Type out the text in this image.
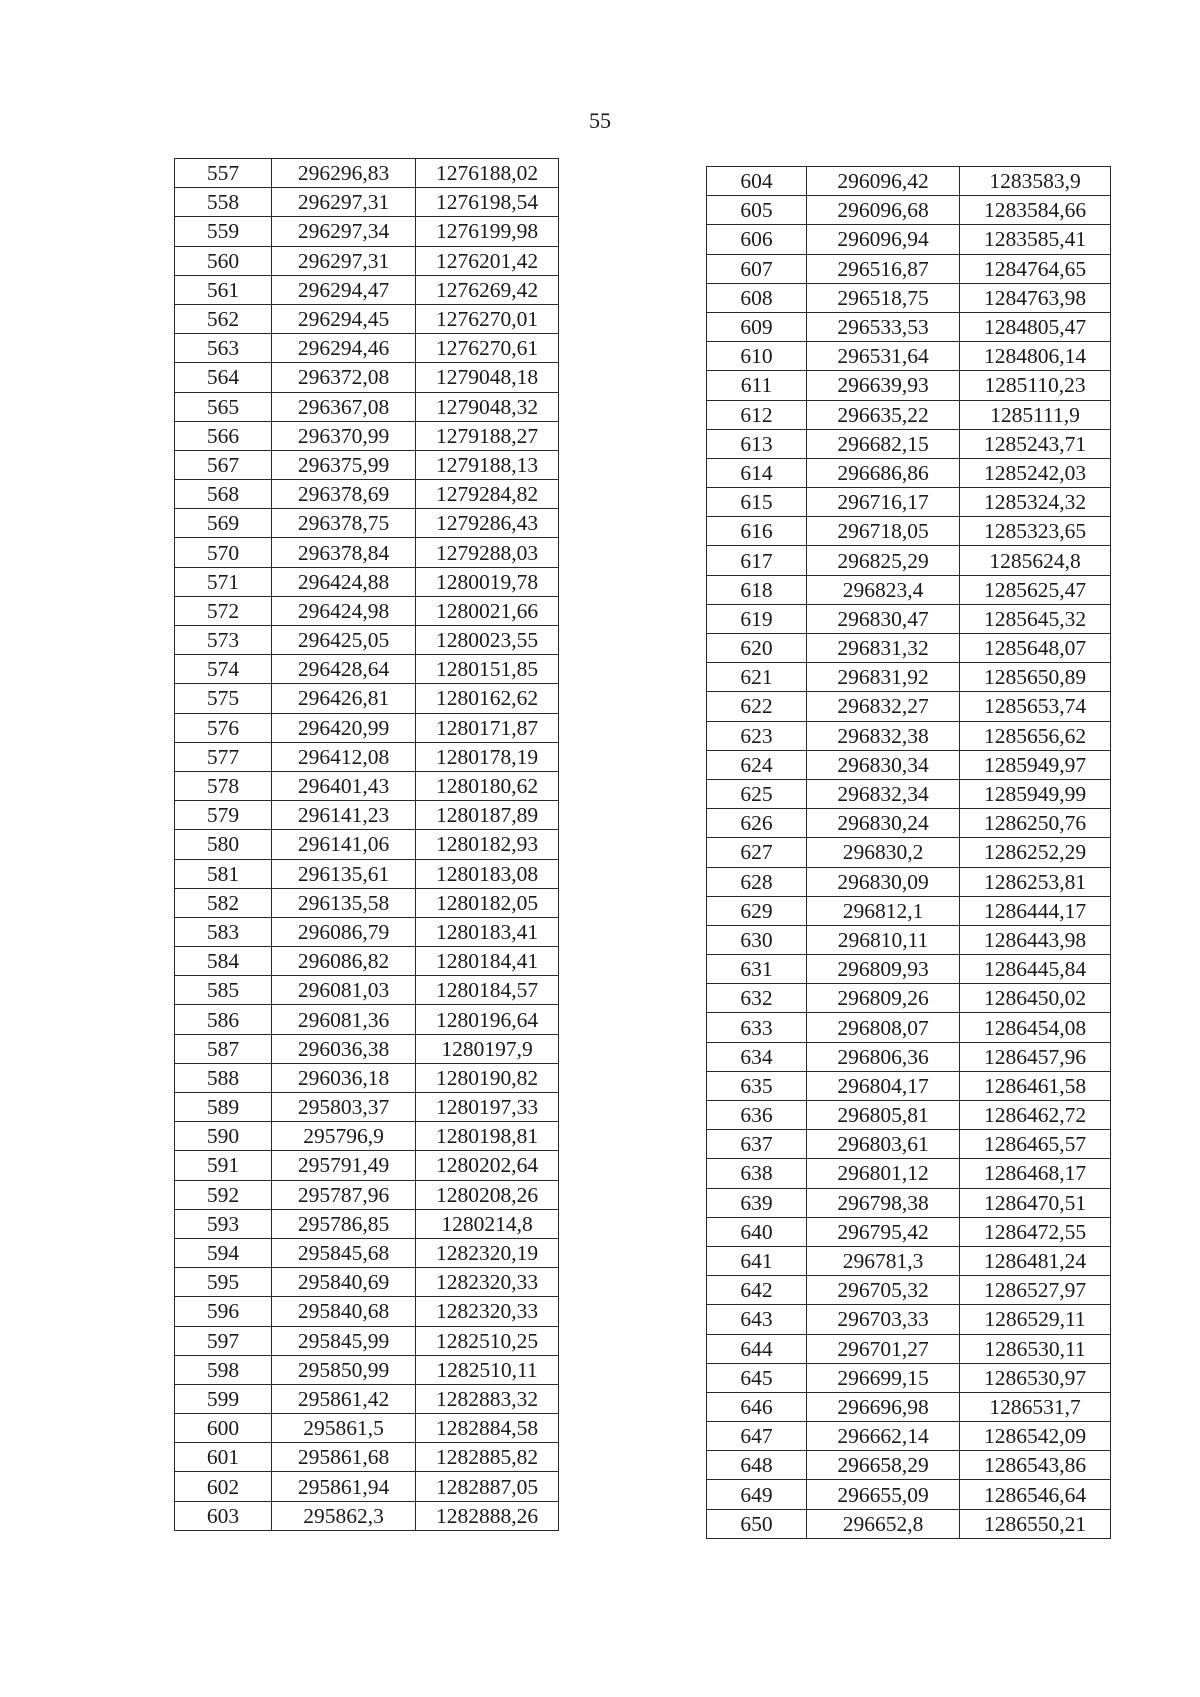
55
557	296296,83	1276188,02
558	296297,31	1276198,54
559	296297,34	1276199,98
560	296297,31	1276201,42
561	296294,47	1276269,42
562	296294,45	1276270,01
563	296294,46	1276270,61
564	296372,08	1279048,18
565	296367,08	1279048,32
566	296370,99	1279188,27
567	296375,99	1279188,13
568	296378,69	1279284,82
569	296378,75	1279286,43
570	296378,84	1279288,03
571	296424,88	1280019,78
572	296424,98	1280021,66
573	296425,05	1280023,55
574	296428,64	1280151,85
575	296426,81	1280162,62
576	296420,99	1280171,87
577	296412,08	1280178,19
578	296401,43	1280180,62
579	296141,23	1280187,89
580	296141,06	1280182,93
581	296135,61	1280183,08
582	296135,58	1280182,05
583	296086,79	1280183,41
584	296086,82	1280184,41
585	296081,03	1280184,57
586	296081,36	1280196,64
587	296036,38	1280197,9
588	296036,18	1280190,82
589	295803,37	1280197,33
590	295796,9	1280198,81
591	295791,49	1280202,64
592	295787,96	1280208,26
593	295786,85	1280214,8
594	295845,68	1282320,19
595	295840,69	1282320,33
596	295840,68	1282320,33
597	295845,99	1282510,25
598	295850,99	1282510,11
599	295861,42	1282883,32
600	295861,5	1282884,58
601	295861,68	1282885,82
602	295861,94	1282887,05
603	295862,3	1282888,26
604	296096,42	1283583,9
605	296096,68	1283584,66
606	296096,94	1283585,41
607	296516,87	1284764,65
608	296518,75	1284763,98
609	296533,53	1284805,47
610	296531,64	1284806,14
611	296639,93	1285110,23
612	296635,22	1285111,9
613	296682,15	1285243,71
614	296686,86	1285242,03
615	296716,17	1285324,32
616	296718,05	1285323,65
617	296825,29	1285624,8
618	296823,4	1285625,47
619	296830,47	1285645,32
620	296831,32	1285648,07
621	296831,92	1285650,89
622	296832,27	1285653,74
623	296832,38	1285656,62
624	296830,34	1285949,97
625	296832,34	1285949,99
626	296830,24	1286250,76
627	296830,2	1286252,29
628	296830,09	1286253,81
629	296812,1	1286444,17
630	296810,11	1286443,98
631	296809,93	1286445,84
632	296809,26	1286450,02
633	296808,07	1286454,08
634	296806,36	1286457,96
635	296804,17	1286461,58
636	296805,81	1286462,72
637	296803,61	1286465,57
638	296801,12	1286468,17
639	296798,38	1286470,51
640	296795,42	1286472,55
641	296781,3	1286481,24
642	296705,32	1286527,97
643	296703,33	1286529,11
644	296701,27	1286530,11
645	296699,15	1286530,97
646	296696,98	1286531,7
647	296662,14	1286542,09
648	296658,29	1286543,86
649	296655,09	1286546,64
650	296652,8	1286550,21
